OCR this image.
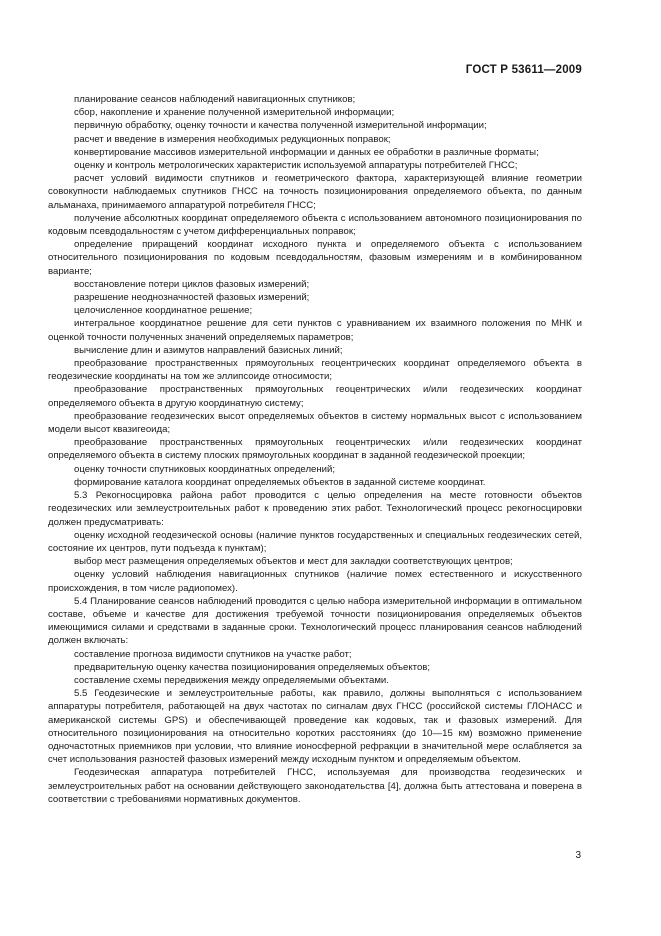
ГОСТ Р 53611—2009

планирование сеансов наблюдений навигационных спутников;

сбор, накопление и хранение полученной измерительной информации;

первичную обработку, оценку точности и качества полученной измерительной информации;

расчет и введение в измерения необходимых редукционных поправок;

конвертирование массивов измерительной информации и данных ее обработки в различные форматы;

оценку и контроль метрологических характеристик используемой аппаратуры потребителей ГНСС;

расчет условий видимости спутников и геометрического фактора, характеризующей влияние геометрии совокупности наблюдаемых спутников ГНСС на точность позиционирования определяемого объекта, по данным альманаха, принимаемого аппаратурой потребителя ГНСС;

получение абсолютных координат определяемого объекта с использованием автономного позиционирования по кодовым псевдодальностям с учетом дифференциальных поправок;

определение приращений координат исходного пункта и определяемого объекта с использованием относительного позиционирования по кодовым псевдодальностям, фазовым измерениям и в комбинированном варианте;

восстановление потери циклов фазовых измерений;

разрешение неоднозначностей фазовых измерений;

целочисленное координатное решение;

интегральное координатное решение для сети пунктов с уравниванием их взаимного положения по МНК и оценкой точности полученных значений определяемых параметров;

вычисление длин и азимутов направлений базисных линий;

преобразование пространственных прямоугольных геоцентрических координат определяемого объекта в геодезические координаты на том же эллипсоиде относимости;

преобразование пространственных прямоугольных геоцентрических и/или геодезических координат определяемого объекта в другую координатную систему;

преобразование геодезических высот определяемых объектов в систему нормальных высот с использованием модели высот квазигеоида;

преобразование пространственных прямоугольных геоцентрических и/или геодезических координат определяемого объекта в систему плоских прямоугольных координат в заданной геодезической проекции;

оценку точности спутниковых координатных определений;

формирование каталога координат определяемых объектов в заданной системе координат.

5.3 Рекогносцировка района работ проводится с целью определения на месте готовности объектов геодезических или землеустроительных работ к проведению этих работ. Технологический процесс рекогносцировки должен предусматривать:

оценку исходной геодезической основы (наличие пунктов государственных и специальных геодезических сетей, состояние их центров, пути подъезда к пунктам);

выбор мест размещения определяемых объектов и мест для закладки соответствующих центров;

оценку условий наблюдения навигационных спутников (наличие помех естественного и искусственного происхождения, в том числе радиопомех).

5.4 Планирование сеансов наблюдений проводится с целью набора измерительной информации в оптимальном составе, объеме и качестве для достижения требуемой точности позиционирования определяемых объектов имеющимися силами и средствами в заданные сроки. Технологический процесс планирования сеансов наблюдений должен включать:

составление прогноза видимости спутников на участке работ;

предварительную оценку качества позиционирования определяемых объектов;

составление схемы передвижения между определяемыми объектами.

5.5 Геодезические и землеустроительные работы, как правило, должны выполняться с использованием аппаратуры потребителя, работающей на двух частотах по сигналам двух ГНСС (российской системы ГЛОНАСС и американской системы GPS) и обеспечивающей проведение как кодовых, так и фазовых измерений. Для относительного позиционирования на относительно коротких расстояниях (до 10—15 км) возможно применение одночастотных приемников при условии, что влияние ионосферной рефракции в значительной мере ослабляется за счет использования разностей фазовых измерений между исходным пунктом и определяемым объектом.

Геодезическая аппаратура потребителей ГНСС, используемая для производства геодезических и землеустроительных работ на основании действующего законодательства [4], должна быть аттестована и поверена в соответствии с требованиями нормативных документов.

3
